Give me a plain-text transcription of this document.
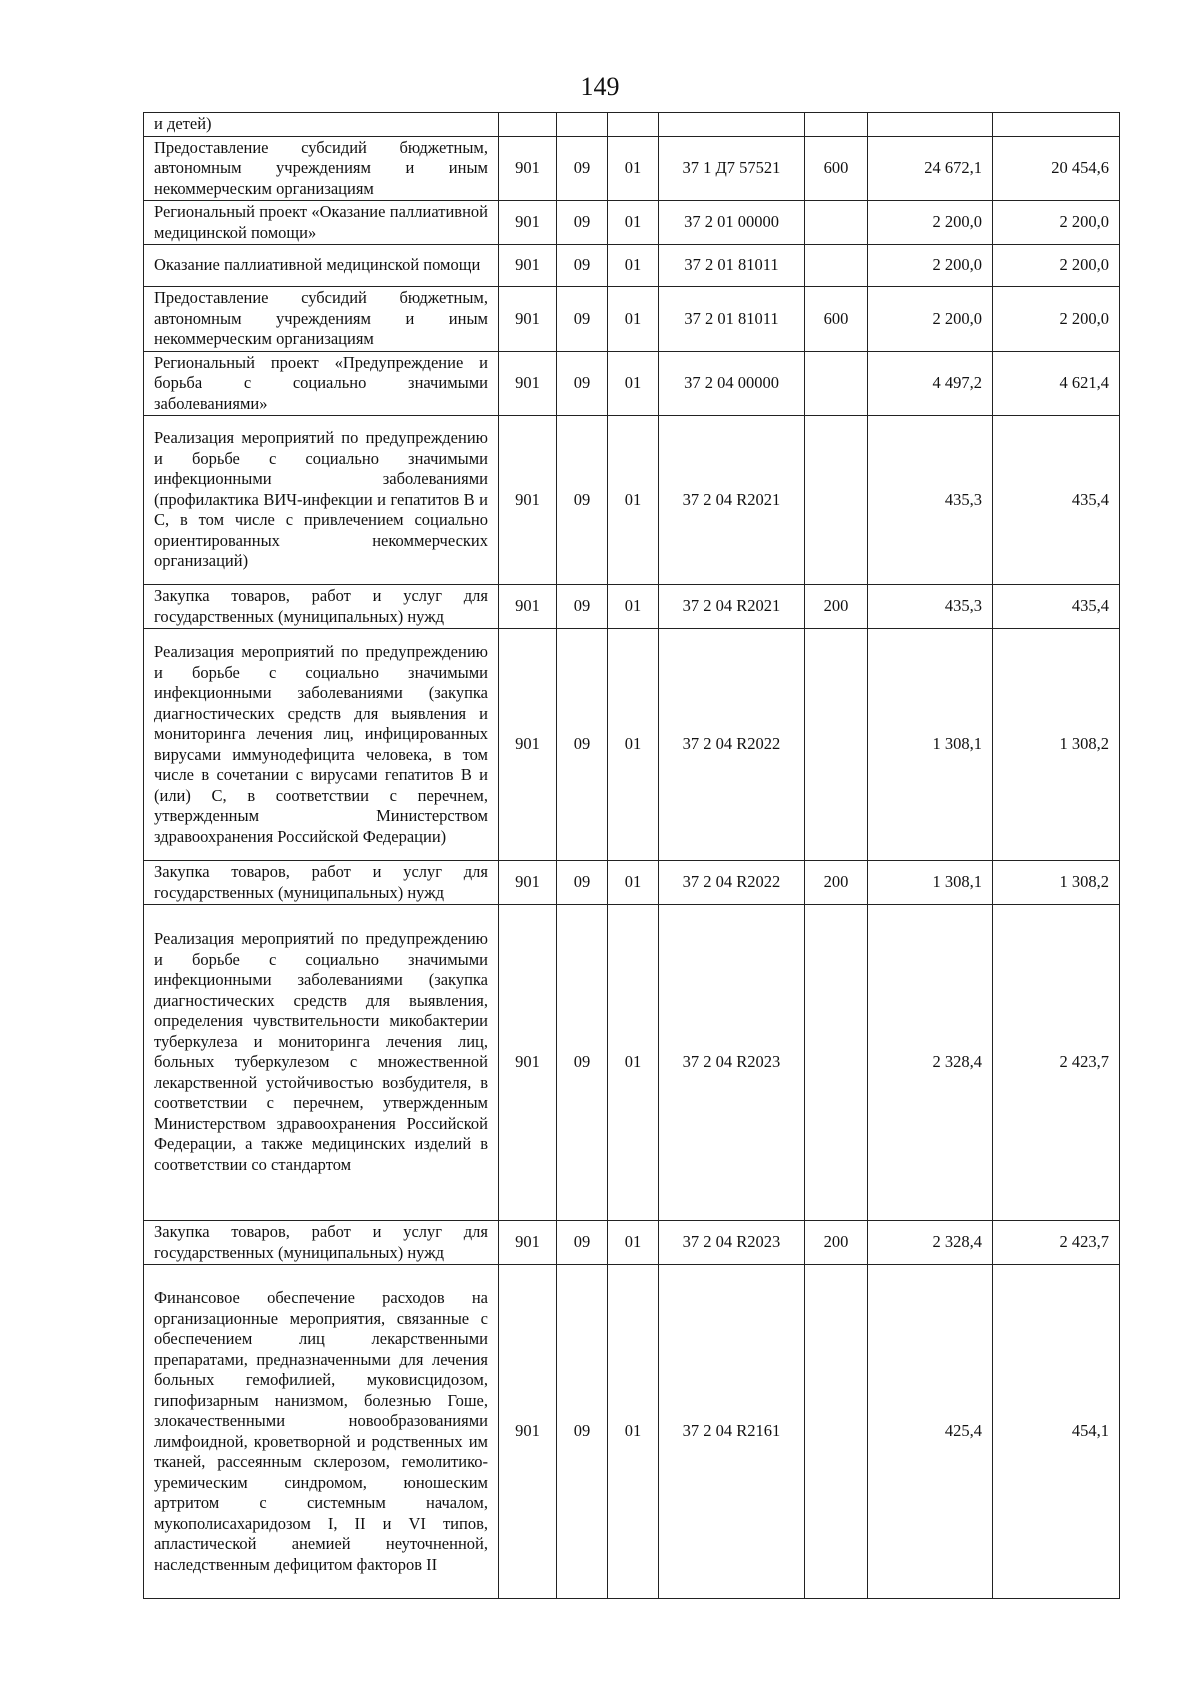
149
и детей)							
Предоставление субсидий бюджетным, автономным учреждениям и иным некоммерческим организациям	901	09	01	37 1 Д7 57521	600	24 672,1	20 454,6
Региональный проект «Оказание паллиативной медицинской помощи»	901	09	01	37 2 01 00000		2 200,0	2 200,0
Оказание паллиативной медицинской помощи	901	09	01	37 2 01 81011		2 200,0	2 200,0
Предоставление субсидий бюджетным, автономным учреждениям и иным некоммерческим организациям	901	09	01	37 2 01 81011	600	2 200,0	2 200,0
Региональный проект «Предупреждение и борьба с социально значимыми заболеваниями»	901	09	01	37 2 04 00000		4 497,2	4 621,4
Реализация мероприятий по предупреждению и борьбе с социально значимыми инфекционными заболеваниями (профилактика ВИЧ-инфекции и гепатитов B и C, в том числе с привлечением социально ориентированных некоммерческих организаций)	901	09	01	37 2 04 R2021		435,3	435,4
Закупка товаров, работ и услуг для государственных (муниципальных) нужд	901	09	01	37 2 04 R2021	200	435,3	435,4
Реализация мероприятий по предупреждению и борьбе с социально значимыми инфекционными заболеваниями (закупка диагностических средств для выявления и мониторинга лечения лиц, инфицированных вирусами иммунодефицита человека, в том числе в сочетании с вирусами гепатитов B и (или) C, в соответствии с перечнем, утвержденным Министерством здравоохранения Российской Федерации)	901	09	01	37 2 04 R2022		1 308,1	1 308,2
Закупка товаров, работ и услуг для государственных (муниципальных) нужд	901	09	01	37 2 04 R2022	200	1 308,1	1 308,2
Реализация мероприятий по предупреждению и борьбе с социально значимыми инфекционными заболеваниями (закупка диагностических средств для выявления, определения чувствительности микобактерии туберкулеза и мониторинга лечения лиц, больных туберкулезом с множественной лекарственной устойчивостью возбудителя, в соответствии с перечнем, утвержденным Министерством здравоохранения Российской Федерации, а также медицинских изделий в соответствии со стандартом	901	09	01	37 2 04 R2023		2 328,4	2 423,7
Закупка товаров, работ и услуг для государственных (муниципальных) нужд	901	09	01	37 2 04 R2023	200	2 328,4	2 423,7
Финансовое обеспечение расходов на организационные мероприятия, связанные с обеспечением лиц лекарственными препаратами, предназначенными для лечения больных гемофилией, муковисцидозом, гипофизарным нанизмом, болезнью Гоше, злокачественными новообразованиями лимфоидной, кроветворной и родственных им тканей, рассеянным склерозом, гемолитико-уремическим синдромом, юношеским артритом с системным началом, мукополисахаридозом I, II и VI типов, апластической анемией неуточненной, наследственным дефицитом факторов II	901	09	01	37 2 04 R2161		425,4	454,1
